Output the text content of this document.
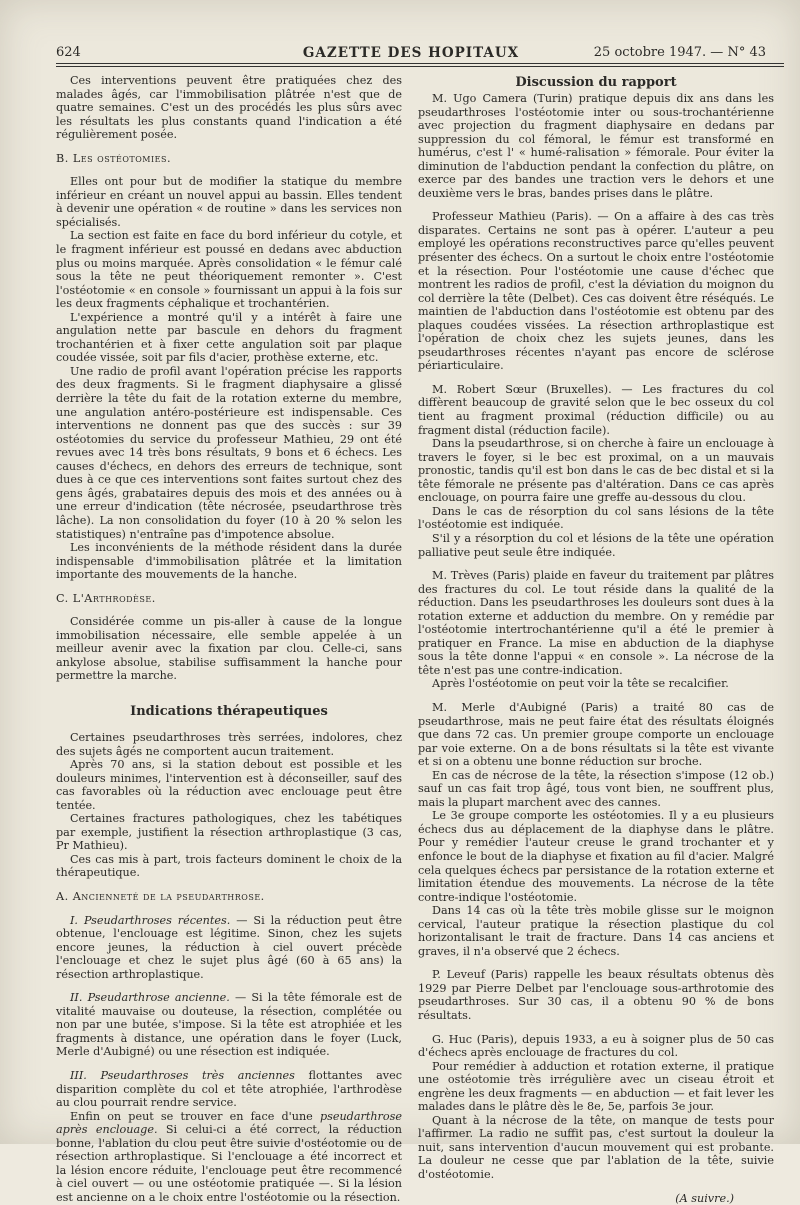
624	GAZETTE DES HOPITAUX	25 octobre 1947. — N° 43

Ces interventions peuvent être pratiquées chez des malades âgés, car l'immobilisation plâtrée n'est que de quatre semaines. C'est un des procédés les plus sûrs avec les résultats les plus constants quand l'indication a été régulièrement posée.

B. Les ostéotomies.

Elles ont pour but de modifier la statique du membre inférieur en créant un nouvel appui au bassin. Elles tendent à devenir une opération « de routine » dans les services non spécialisés.

La section est faite en face du bord inférieur du cotyle, et le fragment inférieur est poussé en dedans avec abduction plus ou moins marquée. Après consolidation « le fémur calé sous la tête ne peut théoriquement remonter ». C'est l'ostéotomie « en console » fournissant un appui à la fois sur les deux fragments céphalique et trochantérien.

L'expérience a montré qu'il y a intérêt à faire une angulation nette par bascule en dehors du fragment trochantérien et à fixer cette angulation soit par plaque coudée vissée, soit par fils d'acier, prothèse externe, etc.

Une radio de profil avant l'opération précise les rapports des deux fragments. Si le fragment diaphysaire a glissé derrière la tête du fait de la rotation externe du membre, une angulation antéro-postérieure est indispensable. Ces interventions ne donnent pas que des succès : sur 39 ostéotomies du service du professeur Mathieu, 29 ont été revues avec 14 très bons résultats, 9 bons et 6 échecs. Les causes d'échecs, en dehors des erreurs de technique, sont dues à ce que ces interventions sont faites surtout chez des gens âgés, grabataires depuis des mois et des années ou à une erreur d'indication (tête nécrosée, pseudarthrose très lâche). La non consolidation du foyer (10 à 20 % selon les statistiques) n'entraîne pas d'impotence absolue.

Les inconvénients de la méthode résident dans la durée indispensable d'immobilisation plâtrée et la limitation importante des mouvements de la hanche.

C. L'Arthrodèse.

Considérée comme un pis-aller à cause de la longue immobilisation nécessaire, elle semble appelée à un meilleur avenir avec la fixation par clou. Celle-ci, sans ankylose absolue, stabilise suffisamment la hanche pour permettre la marche.

Indications thérapeutiques

Certaines pseudarthroses très serrées, indolores, chez des sujets âgés ne comportent aucun traitement.

Après 70 ans, si la station debout est possible et les douleurs minimes, l'intervention est à déconseiller, sauf des cas favorables où la réduction avec enclouage peut être tentée.

Certaines fractures pathologiques, chez les tabétiques par exemple, justifient la résection arthroplastique (3 cas, Pr Mathieu).

Ces cas mis à part, trois facteurs dominent le choix de la thérapeutique.

A. Ancienneté de la pseudarthrose.

I. Pseudarthroses récentes. — Si la réduction peut être obtenue, l'enclouage est légitime. Sinon, chez les sujets encore jeunes, la réduction à ciel ouvert précède l'enclouage et chez le sujet plus âgé (60 à 65 ans) la résection arthroplastique.

II. Pseudarthrose ancienne. — Si la tête fémorale est de vitalité mauvaise ou douteuse, la résection, complétée ou non par une butée, s'impose. Si la tête est atrophiée et les fragments à distance, une opération dans le foyer (Luck, Merle d'Aubigné) ou une résection est indiquée.

III. Pseudarthroses très anciennes flottantes avec disparition complète du col et tête atrophiée, l'arthrodèse au clou pourrait rendre service.

Enfin on peut se trouver en face d'une pseudarthrose après enclouage. Si celui-ci a été correct, la réduction bonne, l'ablation du clou peut être suivie d'ostéotomie ou de résection arthroplastique. Si l'enclouage a été incorrect et la lésion encore réduite, l'enclouage peut être recommencé à ciel ouvert — ou une ostéotomie pratiquée —. Si la lésion est ancienne on a le choix entre l'ostéotomie ou la résection.

Discussion du rapport

M. Ugo Camera (Turin) pratique depuis dix ans dans les pseudarthroses l'ostéotomie inter ou sous-trochantérienne avec projection du fragment diaphysaire en dedans par suppression du col fémoral, le fémur est transformé en humérus, c'est l' « humé-ralisation » fémorale. Pour éviter la diminution de l'abduction pendant la confection du plâtre, on exerce par des bandes une traction vers le dehors et une deuxième vers le bras, bandes prises dans le plâtre.

Professeur Mathieu (Paris). — On a affaire à des cas très disparates. Certains ne sont pas à opérer. L'auteur a peu employé les opérations reconstructives parce qu'elles peuvent présenter des échecs. On a surtout le choix entre l'ostéotomie et la résection. Pour l'ostéotomie une cause d'échec que montrent les radios de profil, c'est la déviation du moignon du col derrière la tête (Delbet). Ces cas doivent être réséqués. Le maintien de l'abduction dans l'ostéotomie est obtenu par des plaques coudées vissées. La résection arthroplastique est l'opération de choix chez les sujets jeunes, dans les pseudarthroses récentes n'ayant pas encore de sclérose périarticulaire.

M. Robert Sœur (Bruxelles). — Les fractures du col diffèrent beaucoup de gravité selon que le bec osseux du col tient au fragment proximal (réduction difficile) ou au fragment distal (réduction facile).

Dans la pseudarthrose, si on cherche à faire un enclouage à travers le foyer, si le bec est proximal, on a un mauvais pronostic, tandis qu'il est bon dans le cas de bec distal et si la tête fémorale ne présente pas d'altération. Dans ce cas après enclouage, on pourra faire une greffe au-dessous du clou.

Dans le cas de résorption du col sans lésions de la tête l'ostéotomie est indiquée.

S'il y a résorption du col et lésions de la tête une opération palliative peut seule être indiquée.

M. Trèves (Paris) plaide en faveur du traitement par plâtres des fractures du col. Le tout réside dans la qualité de la réduction. Dans les pseudarthroses les douleurs sont dues à la rotation externe et adduction du membre. On y remédie par l'ostéotomie intertrochantérienne qu'il a été le premier à pratiquer en France. La mise en abduction de la diaphyse sous la tête donne l'appui « en console ». La nécrose de la tête n'est pas une contre-indication.

Après l'ostéotomie on peut voir la tête se recalcifier.

M. Merle d'Aubigné (Paris) a traité 80 cas de pseudarthrose, mais ne peut faire état des résultats éloignés que dans 72 cas. Un premier groupe comporte un enclouage par voie externe. On a de bons résultats si la tête est vivante et si on a obtenu une bonne réduction sur broche.

En cas de nécrose de la tête, la résection s'impose (12 ob.) sauf un cas fait trop âgé, tous vont bien, ne souffrent plus, mais la plupart marchent avec des cannes.

Le 3e groupe comporte les ostéotomies. Il y a eu plusieurs échecs dus au déplacement de la diaphyse dans le plâtre. Pour y remédier l'auteur creuse le grand trochanter et y enfonce le bout de la diaphyse et fixation au fil d'acier. Malgré cela quelques échecs par persistance de la rotation externe et limitation étendue des mouvements. La nécrose de la tête contre-indique l'ostéotomie.

Dans 14 cas où la tête très mobile glisse sur le moignon cervical, l'auteur pratique la résection plastique du col horizontalisant le trait de fracture. Dans 14 cas anciens et graves, il n'a observé que 2 échecs.

P. Leveuf (Paris) rappelle les beaux résultats obtenus dès 1929 par Pierre Delbet par l'enclouage sous-arthrotomie des pseudarthroses. Sur 30 cas, il a obtenu 90 % de bons résultats.

G. Huc (Paris), depuis 1933, a eu à soigner plus de 50 cas d'échecs après enclouage de fractures du col.

Pour remédier à adduction et rotation externe, il pratique une ostéotomie très irrégulière avec un ciseau étroit et engrène les deux fragments — en abduction — et fait lever les malades dans le plâtre dès le 8e, 5e, parfois 3e jour.

Quant à la nécrose de la tête, on manque de tests pour l'affirmer. La radio ne suffit pas, c'est surtout la douleur la nuit, sans intervention d'aucun mouvement qui est probante. La douleur ne cesse que par l'ablation de la tête, suivie d'ostéotomie.

(A suivre.)
